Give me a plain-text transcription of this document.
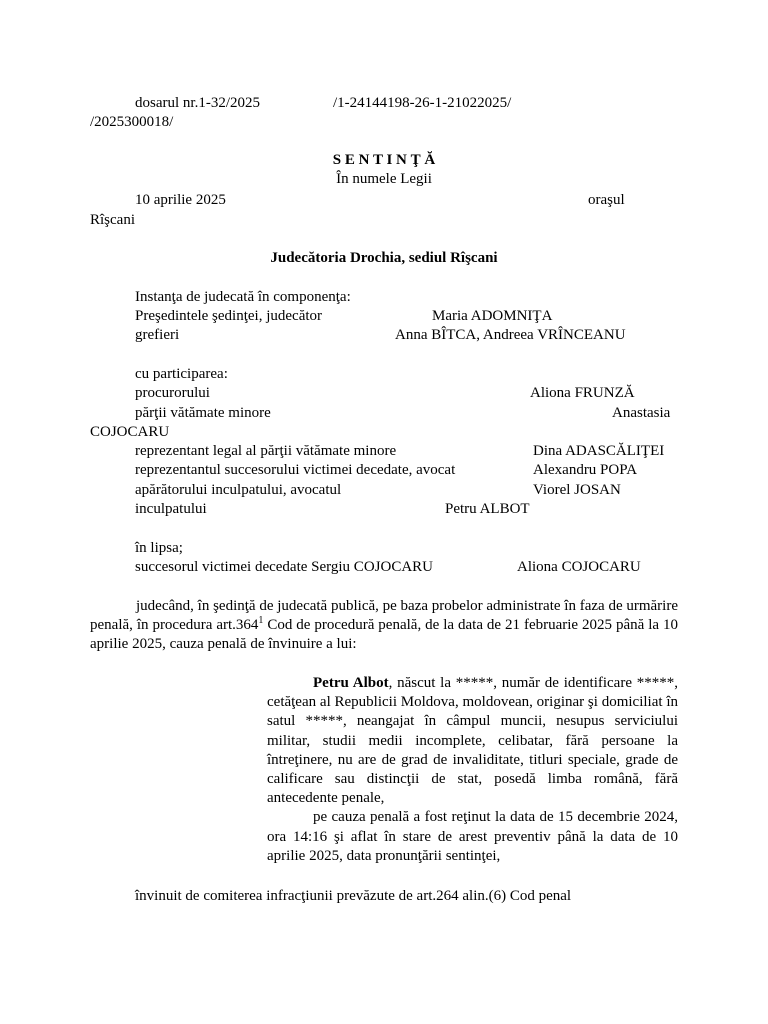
dosarul nr.1-32/2025	/1-24144198-26-1-21022025/
/2025300018/
S E N T I N Ţ Ă
În numele Legii
10 aprilie 2025	oraşul
Rîşcani
Judecătoria Drochia, sediul Rîşcani
Instanţa de judecată în componenţa:
Preşedintele şedinţei, judecător	Maria ADOMNIŢA
grefieri	Anna BÎTCA, Andreea VRÎNCEANU
cu participarea:
procurorului	Aliona FRUNZĂ
părţii vătămate minore	Anastasia
COJOCARU
reprezentant legal al părţii vătămate minore	Dina ADASCĂLIŢEI
reprezentantul succesorului victimei decedate, avocat	Alexandru POPA
apărătorului inculpatului, avocatul	Viorel JOSAN
inculpatului	Petru ALBOT
în lipsa;
succesorul victimei decedate Sergiu COJOCARU	Aliona COJOCARU

judecând, în şedinţă de judecată publică, pe baza probelor administrate în faza de urmărire penală, în procedura art.364$^1$ Cod de procedură penală, de la data de 21 februarie 2025 până la 10 aprilie 2025, cauza penală de învinuire a lui:

Petru Albot, născut la *****, număr de identificare *****, cetăţean al Republicii Moldova, moldovean, originar şi domiciliat în satul *****, neangajat în câmpul muncii, nesupus serviciului militar, studii medii incomplete, celibatar, fără persoane la întreţinere, nu are de grad de invaliditate, titluri speciale, grade de calificare sau distincţii de stat, posedă limba română, fără antecedente penale,

pe cauza penală a fost reţinut la data de 15 decembrie 2024, ora 14:16 şi aflat în stare de arest preventiv până la data de 10 aprilie 2025, data pronunţării sentinţei,

învinuit de comiterea infracţiunii prevăzute de art.264 alin.(6) Cod penal
